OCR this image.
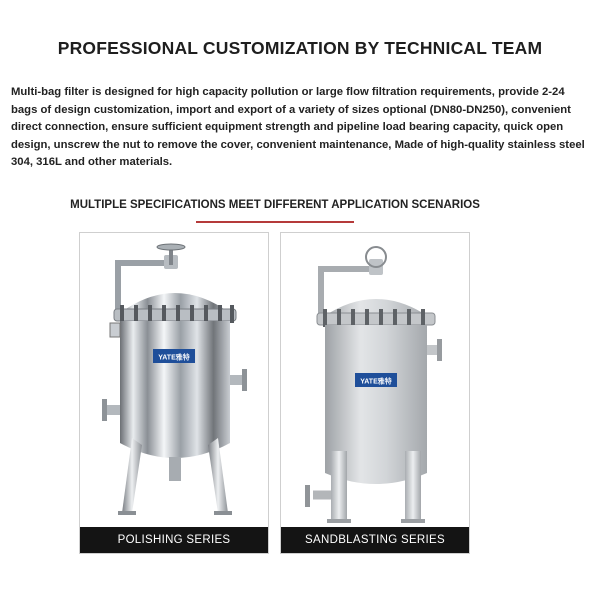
PROFESSIONAL CUSTOMIZATION BY TECHNICAL TEAM
Multi-bag filter is designed for high capacity pollution or large flow filtration requirements, provide 2-24 bags of design customization, import and export of a variety of sizes optional (DN80-DN250), convenient direct connection, ensure sufficient equipment strength and pipeline load bearing capacity, quick open design, unscrew the nut to remove the cover, convenient maintenance, Made of high-quality stainless steel 304, 316L and other materials.
MULTIPLE SPECIFICATIONS MEET DIFFERENT APPLICATION SCENARIOS
YATE雅特
POLISHING SERIES
YATE雅特
SANDBLASTING SERIES
